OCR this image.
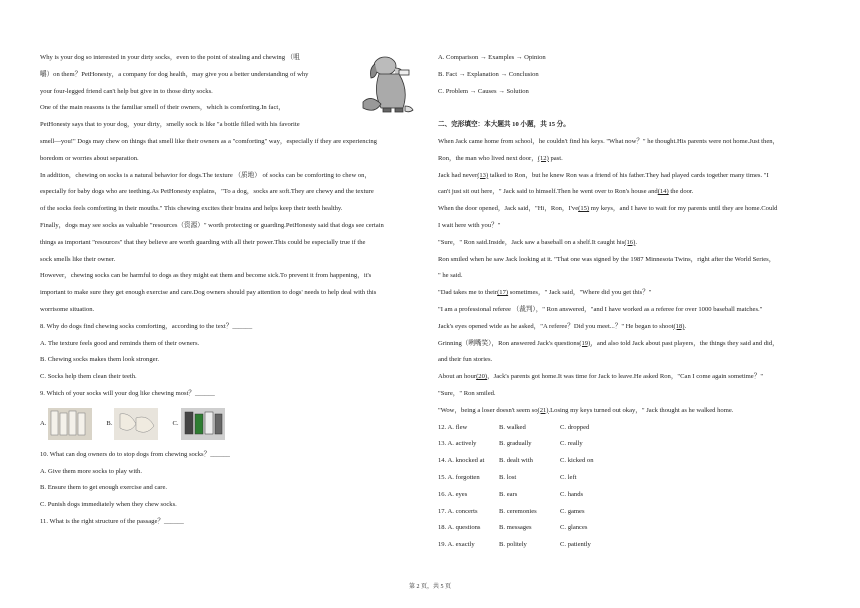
Why is your dog so interested in your dirty socks，even to the point of stealing and chewing （咀
嚼）on them？PetHonesty，a company for dog health，may give you a better understanding of why
your four-legged friend can't help but give in to those dirty socks.
One of the main reasons is the familiar smell of their owners，which is comforting.In fact，
PetHonesty says that to your dog，your dirty，smelly sock is like "a bottle filled with his favorite
smell—you!" Dogs may chew on things that smell like their owners as a "comforting" way，especially if they are experiencing
boredom or worries about separation.
In addition，chewing on socks is a natural behavior for dogs.The texture （质地） of socks can be comforting to chew on，
especially for baby dogs who are teething.As PetHonesty explains，"To a dog，socks are soft.They are chewy and the texture
of the socks feels comforting in their mouths." This chewing excites their brains and helps keep their teeth healthy.
Finally，dogs may see socks as valuable "resources（资源）" worth protecting or guarding.PetHonesty said that dogs see certain
things as important "resources" that they believe are worth guarding with all their power.This could be especially true if the
sock smells like their owner.
However，chewing socks can be harmful to dogs as they might eat them and become sick.To prevent it from happening，it's
important to make sure they get enough exercise and care.Dog owners should pay attention to dogs' needs to help deal with this
worrisome situation.
8. Why do dogs find chewing socks comforting，according to the text？______
A. The texture feels good and reminds them of their owners.
B. Chewing socks makes them look stronger.
C. Socks help them clean their teeth.
9. Which of your socks will your dog like chewing most？______
A.	B.	C.
10. What can dog owners do to stop dogs from chewing socks？______
A. Give them more socks to play with.
B. Ensure them to get enough exercise and care.
C. Punish dogs immediately when they chew socks.
11. What is the right structure of the passage？______
A. Comparison → Examples → Opinion
B. Fact → Explanation → Conclusion
C. Problem → Causes → Solution
二、完形填空：本大题共 10 小题，共 15 分。
When Jack came home from school，he couldn't find his keys. "What now？" he thought.His parents were not home.Just then，
Ron，the man who lived next door，(12) past.
Jack had never(13) talked to Ron，but he knew Ron was a friend of his father.They had played cards together many times. "I
can't just sit out here，" Jack said to himself.Then he went over to Ron's house and(14) the door.
When the door opened，Jack said，"Hi，Ron，I've(15) my keys，and I have to wait for my parents until they are home.Could
I wait here with you？"
"Sure，" Ron said.Inside，Jack saw a baseball on a shelf.It caught his(16).
Ron smiled when he saw Jack looking at it. "That one was signed by the 1987 Minnesota Twins，right after the World Series，
" he said.
"Dad takes me to their(17) sometimes，" Jack said，"Where did you get this？"
"I am a professional referee （裁判），" Ron answered，"and I have worked as a referee for over 1000 baseball matches."
Jack's eyes opened wide as he asked，"A referee？Did you meet...？" He began to shoot(18).
Grinning（咧嘴笑），Ron answered Jack's questions(19)，and also told Jack about past players，the things they said and did，
and their fun stories.
About an hour(20)，Jack's parents got home.It was time for Jack to leave.He asked Ron，"Can I come again sometime？"
"Sure，" Ron smiled.
"Wow，being a loser doesn't seem so(21).Losing my keys turned out okay，" Jack thought as he walked home.
12. A. flew	B. walked	C. dropped
13. A. actively	B. gradually	C. really
14. A. knocked at	B. dealt with	C. kicked on
15. A. forgotten	B. lost	C. left
16. A. eyes	B. ears	C. hands
17. A. concerts	B. ceremonies	C. games
18. A. questions	B. messages	C. glances
19. A. exactly	B. politely	C. patiently
第 2 页，共 5 页
